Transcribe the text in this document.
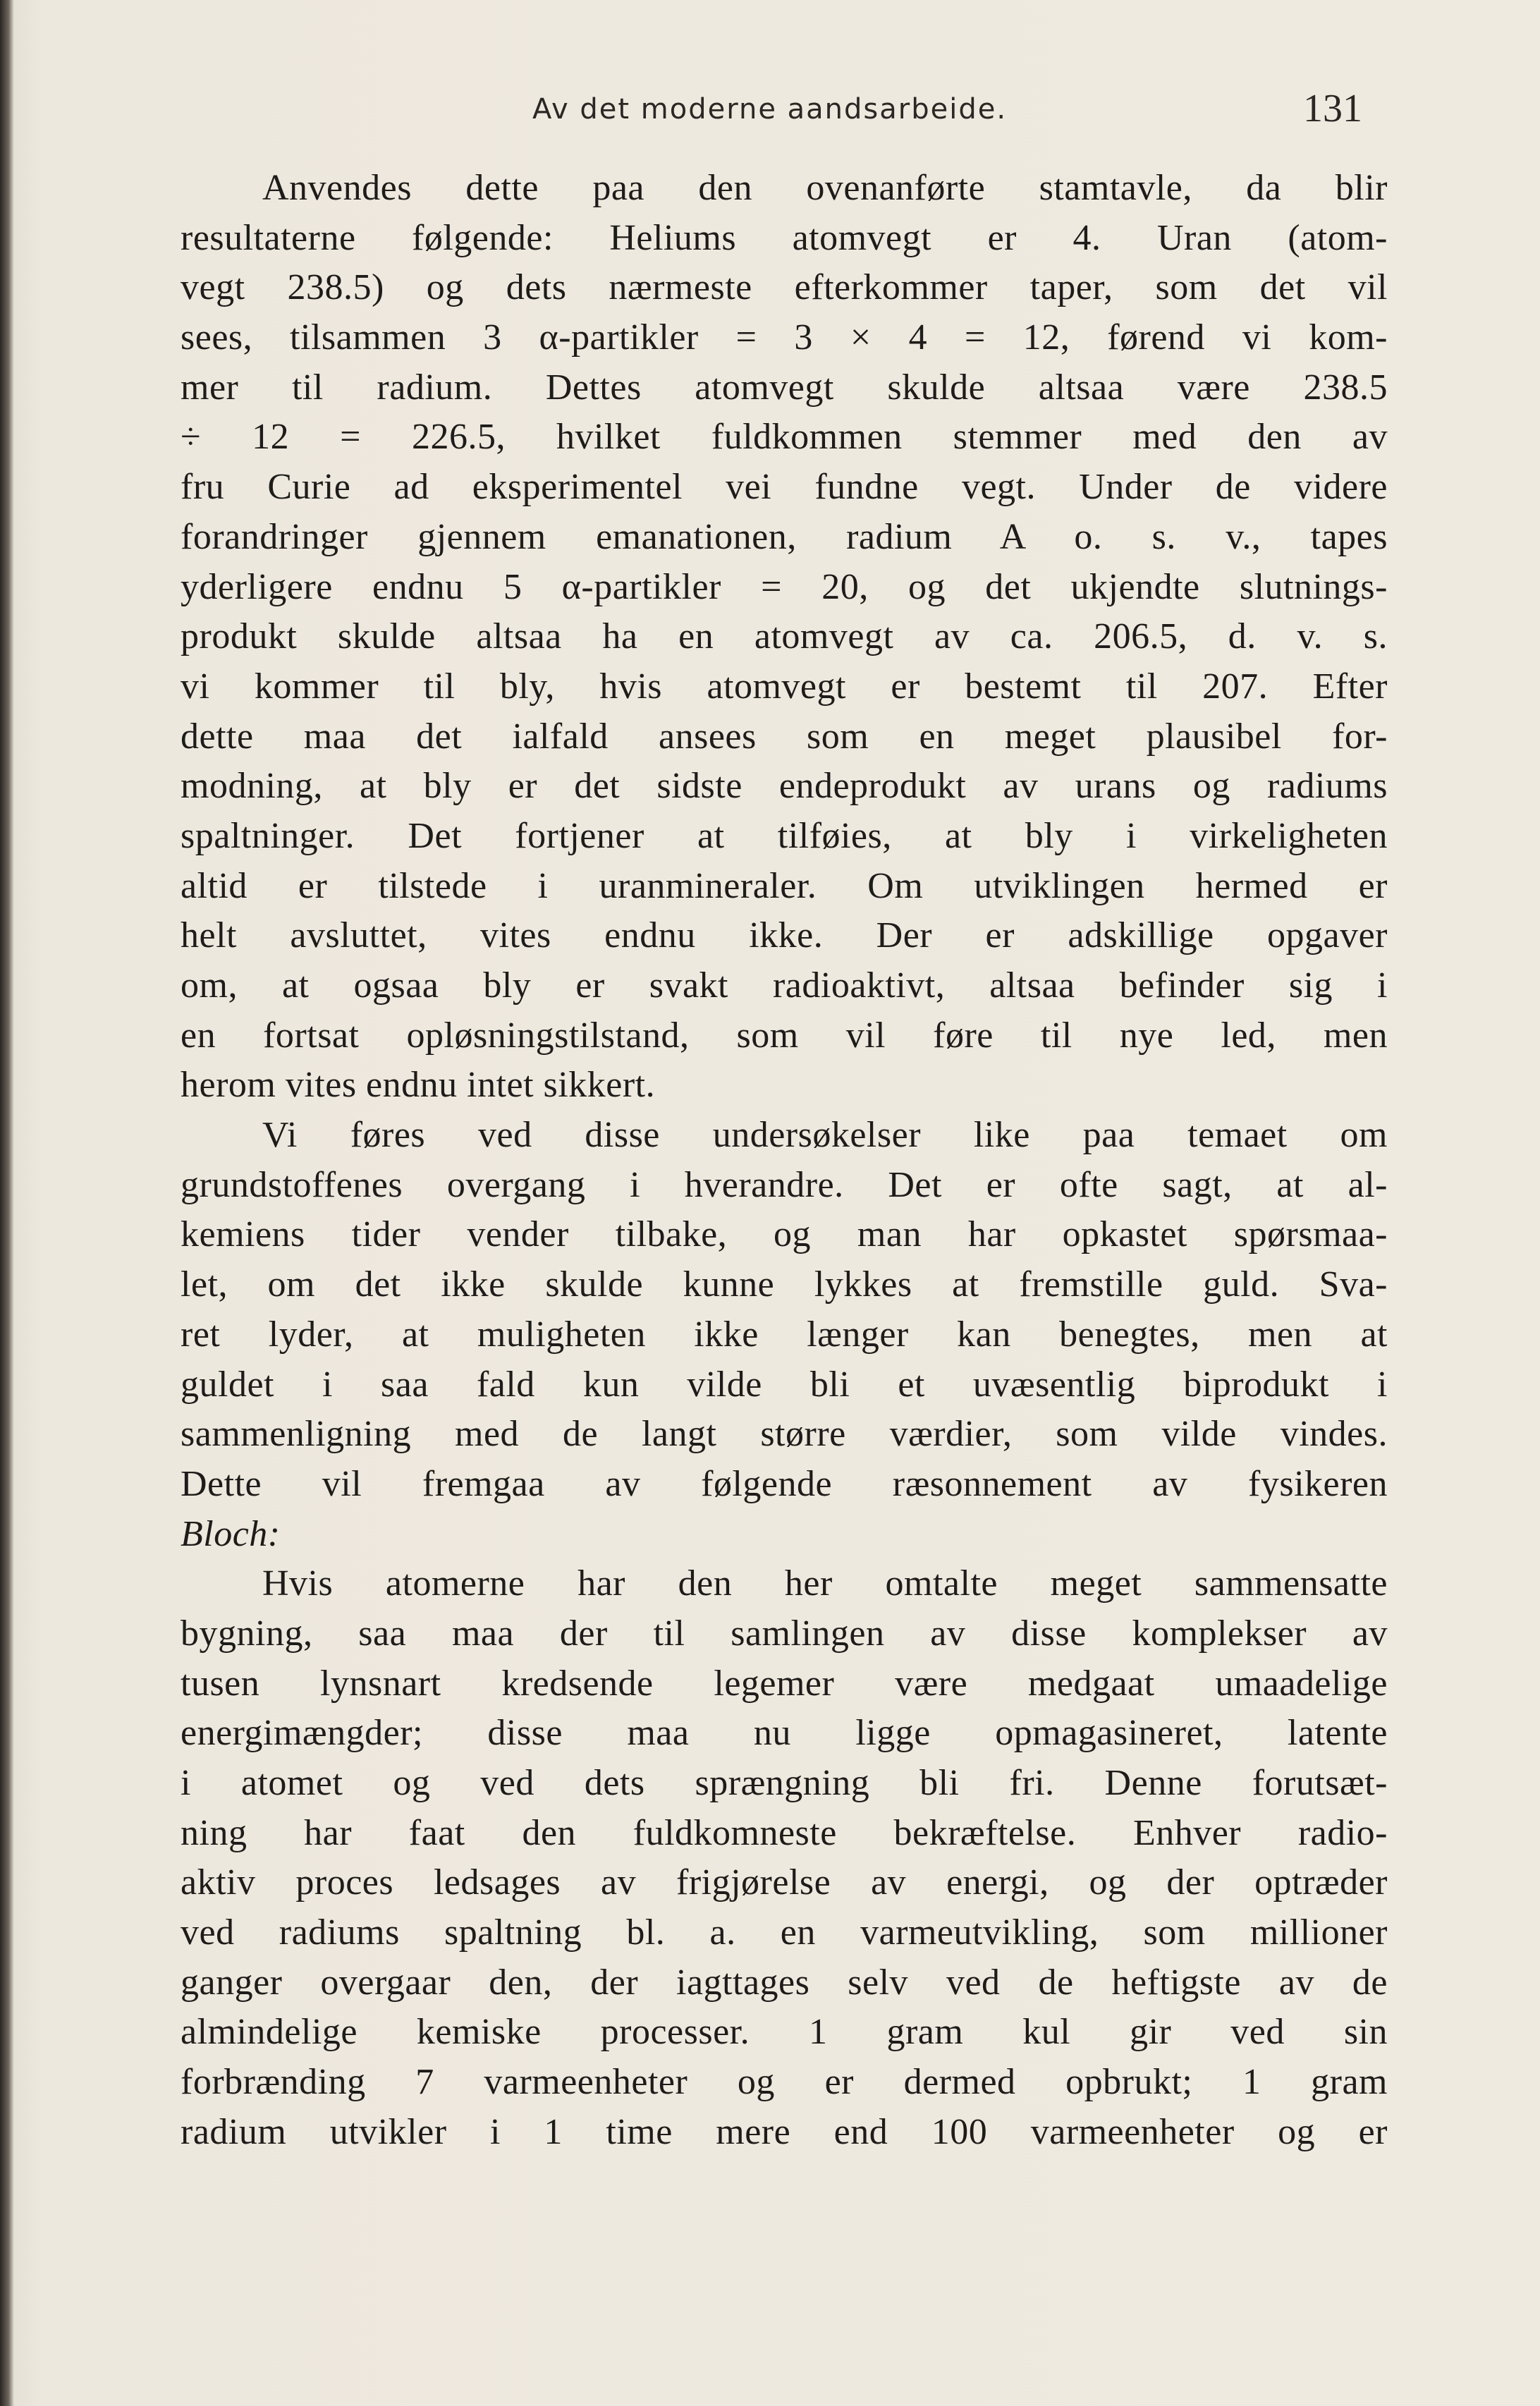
Av det moderne aandsarbeide.	131
Anvendes dette paa den ovenanførte stamtavle, da blir
resultaterne følgende: Heliums atomvegt er 4. Uran (atom-
vegt 238.5) og dets nærmeste efterkommer taper, som det vil
sees, tilsammen 3 α-partikler = 3 × 4 = 12, førend vi kom-
mer til radium. Dettes atomvegt skulde altsaa være 238.5
÷ 12 = 226.5, hvilket fuldkommen stemmer med den av
fru Curie ad eksperimentel vei fundne vegt. Under de videre
forandringer gjennem emanationen, radium A o. s. v., tapes
yderligere endnu 5 α-partikler = 20, og det ukjendte slutnings-
produkt skulde altsaa ha en atomvegt av ca. 206.5, d. v. s.
vi kommer til bly, hvis atomvegt er bestemt til 207. Efter
dette maa det ialfald ansees som en meget plausibel for-
modning, at bly er det sidste endeprodukt av urans og radiums
spaltninger. Det fortjener at tilføies, at bly i virkeligheten
altid er tilstede i uranmineraler. Om utviklingen hermed er
helt avsluttet, vites endnu ikke. Der er adskillige opgaver
om, at ogsaa bly er svakt radioaktivt, altsaa befinder sig i
en fortsat opløsningstilstand, som vil føre til nye led, men
herom vites endnu intet sikkert.
Vi føres ved disse undersøkelser like paa temaet om
grundstoffenes overgang i hverandre. Det er ofte sagt, at al-
kemiens tider vender tilbake, og man har opkastet spørsmaa-
let, om det ikke skulde kunne lykkes at fremstille guld. Sva-
ret lyder, at muligheten ikke længer kan benegtes, men at
guldet i saa fald kun vilde bli et uvæsentlig biprodukt i
sammenligning med de langt større værdier, som vilde vindes.
Dette vil fremgaa av følgende ræsonnement av fysikeren
Bloch:
Hvis atomerne har den her omtalte meget sammensatte
bygning, saa maa der til samlingen av disse komplekser av
tusen lynsnart kredsende legemer være medgaat umaadelige
energimængder; disse maa nu ligge opmagasineret, latente
i atomet og ved dets sprængning bli fri. Denne forutsæt-
ning har faat den fuldkomneste bekræftelse. Enhver radio-
aktiv proces ledsages av frigjørelse av energi, og der optræder
ved radiums spaltning bl. a. en varmeutvikling, som millioner
ganger overgaar den, der iagttages selv ved de heftigste av de
almindelige kemiske processer. 1 gram kul gir ved sin
forbrænding 7 varmeenheter og er dermed opbrukt; 1 gram
radium utvikler i 1 time mere end 100 varmeenheter og er
